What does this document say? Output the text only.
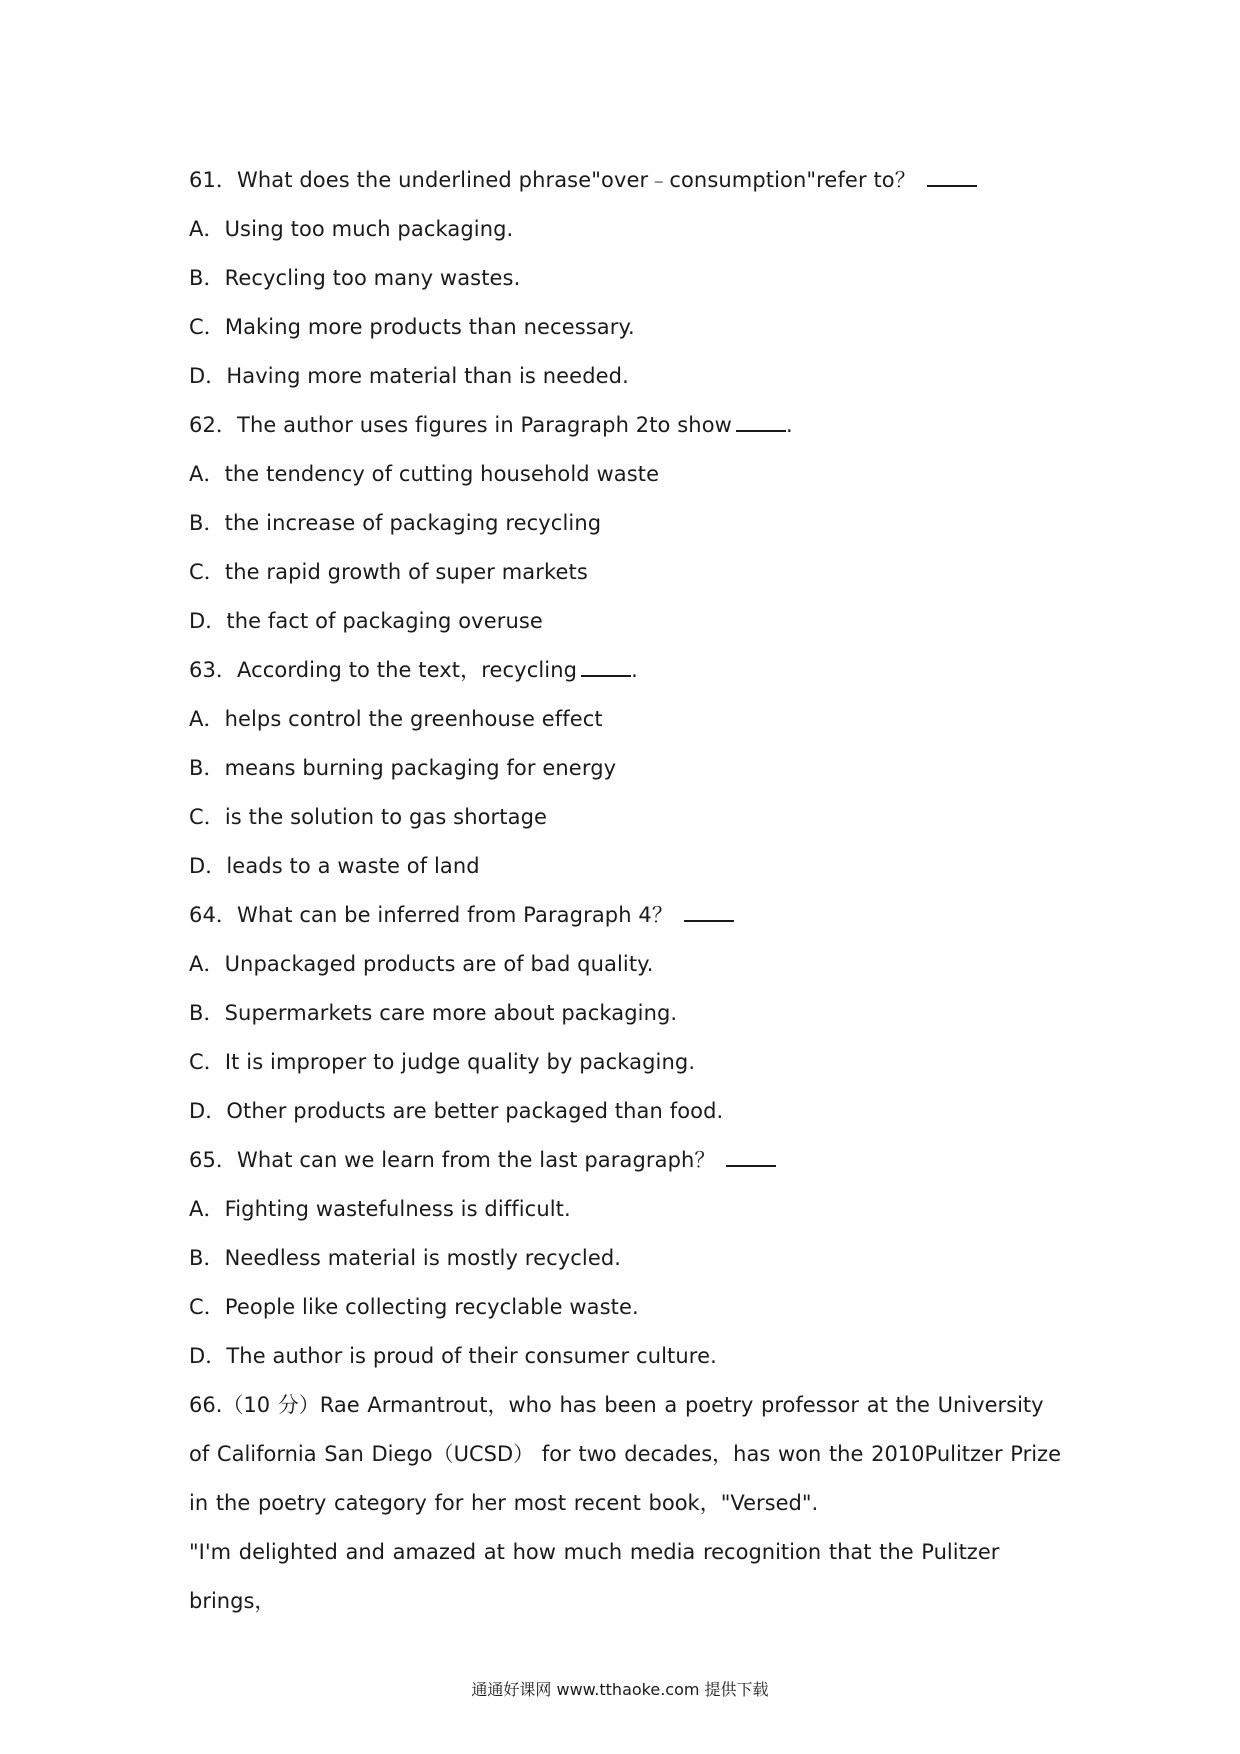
61．What does the underlined phrase"over﹣consumption"refer to？
A．Using too much packaging.
B．Recycling too many wastes.
C．Making more products than necessary.
D．Having more material than is needed.
62．The author uses figures in Paragraph 2to show	.
A．the tendency of cutting household waste
B．the increase of packaging recycling
C．the rapid growth of super markets
D．the fact of packaging overuse
63．According to the text，recycling	.
A．helps control the greenhouse effect
B．means burning packaging for energy
C．is the solution to gas shortage
D．leads to a waste of land
64．What can be inferred from Paragraph 4？
A．Unpackaged products are of bad quality.
B．Supermarkets care more about packaging.
C．It is improper to judge quality by packaging.
D．Other products are better packaged than food.
65．What can we learn from the last paragraph？
A．Fighting wastefulness is difficult.
B．Needless material is mostly recycled.
C．People like collecting recyclable waste.
D．The author is proud of their consumer culture.
66.（10 分）Rae Armantrout，who has been a poetry professor at the University of California San Diego（UCSD） for two decades，has won the 2010Pulitzer Prize in the poetry category for her most recent book，"Versed".
"I'm delighted and amazed at how much media recognition that the Pulitzer brings，
通通好课网 www.tthaoke.com 提供下载
